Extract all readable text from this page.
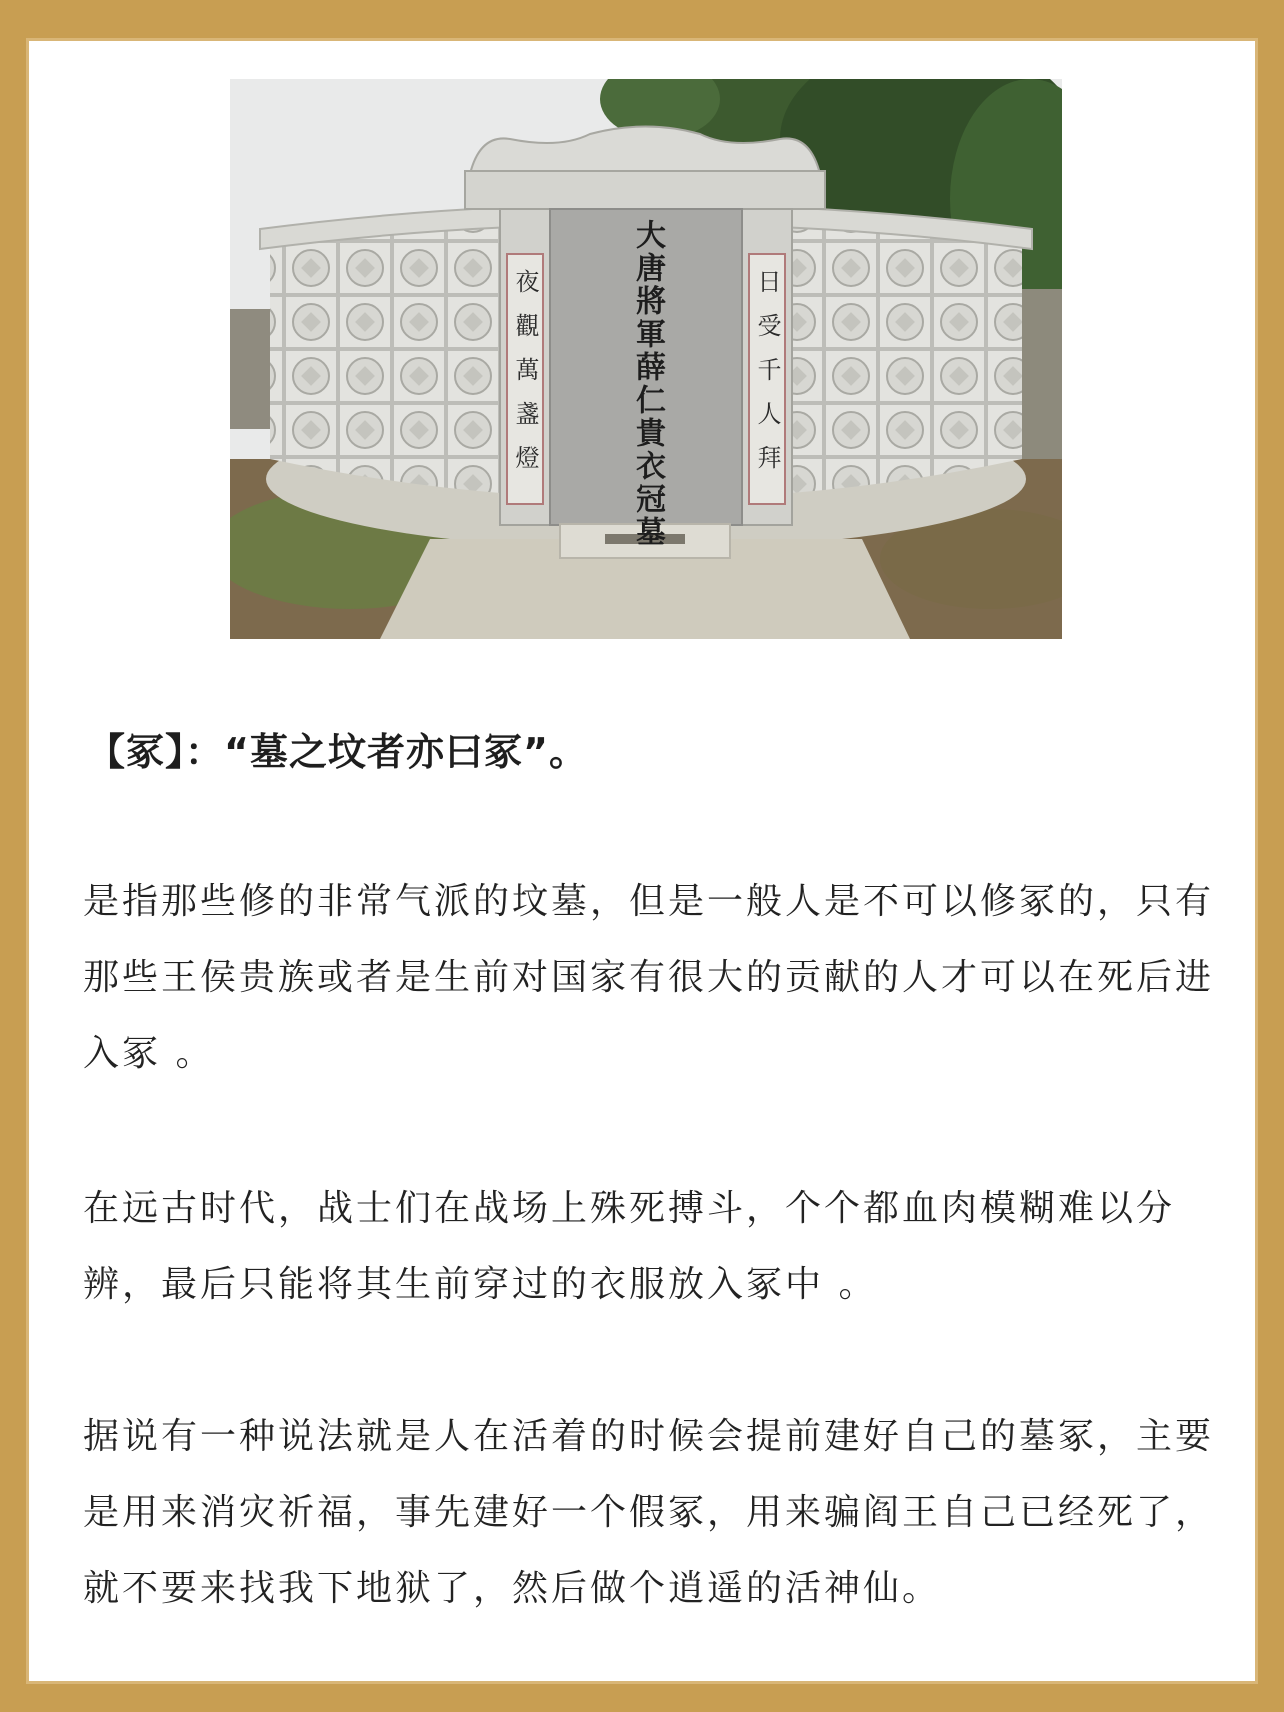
大唐將軍薛仁貴衣冠墓
夜觀萬盞燈	日受千人拜
【冢】：“墓之坟者亦曰冢”。

是指那些修的非常气派的坟墓，但是一般人是不可以修冢的，只有那些王侯贵族或者是生前对国家有很大的贡献的人才可以在死后进入冢 。

在远古时代，战士们在战场上殊死搏斗，个个都血肉模糊难以分辨，最后只能将其生前穿过的衣服放入冢中 。

据说有一种说法就是人在活着的时候会提前建好自己的墓冢，主要是用来消灾祈福，事先建好一个假冢，用来骗阎王自己已经死了，就不要来找我下地狱了，然后做个逍遥的活神仙。
